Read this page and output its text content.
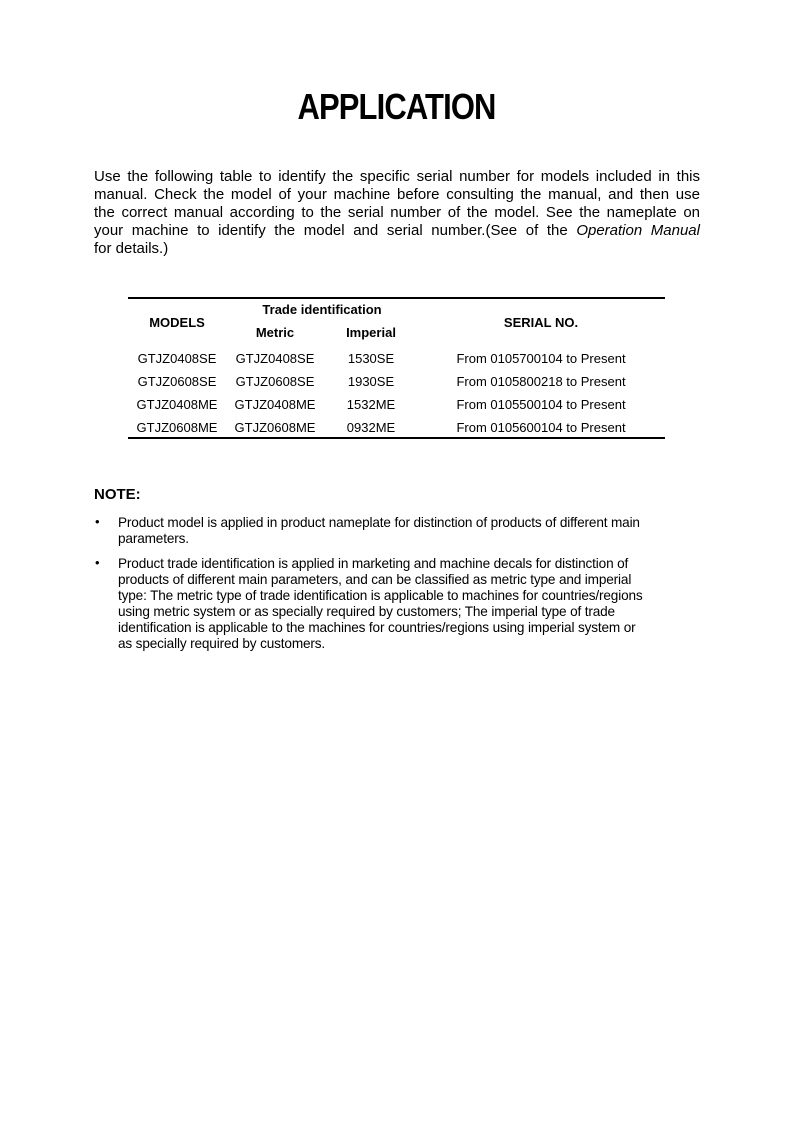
APPLICATION
Use the following table to identify the specific serial number for models included in this
manual. Check the model of your machine before consulting the manual, and then use
the correct manual according to the serial number of the model. See the nameplate on
your machine to identify the model and serial number.(See of the Operation Manual
for details.)
Trade identification
MODELS	SERIAL NO.
Metric	Imperial
GTJZ0408SE GTJZ0408SE	1530SE	From 0105700104 to Present
GTJZ0608SE GTJZ0608SE	1930SE	From 0105800218 to Present
GTJZ0408ME GTJZ0408ME 1532ME	From 0105500104 to Present
GTJZ0608ME GTJZ0608ME 0932ME	From 0105600104 to Present
NOTE:
• Product model is applied in product nameplate for distinction of products of different main
parameters.
• Product trade identification is applied in marketing and machine decals for distinction of
products of different main parameters, and can be classified as metric type and imperial
type: The metric type of trade identification is applicable to machines for countries/regions
using metric system or as specially required by customers; The imperial type of trade
identification is applicable to the machines for countries/regions using imperial system or
as specially required by customers.
